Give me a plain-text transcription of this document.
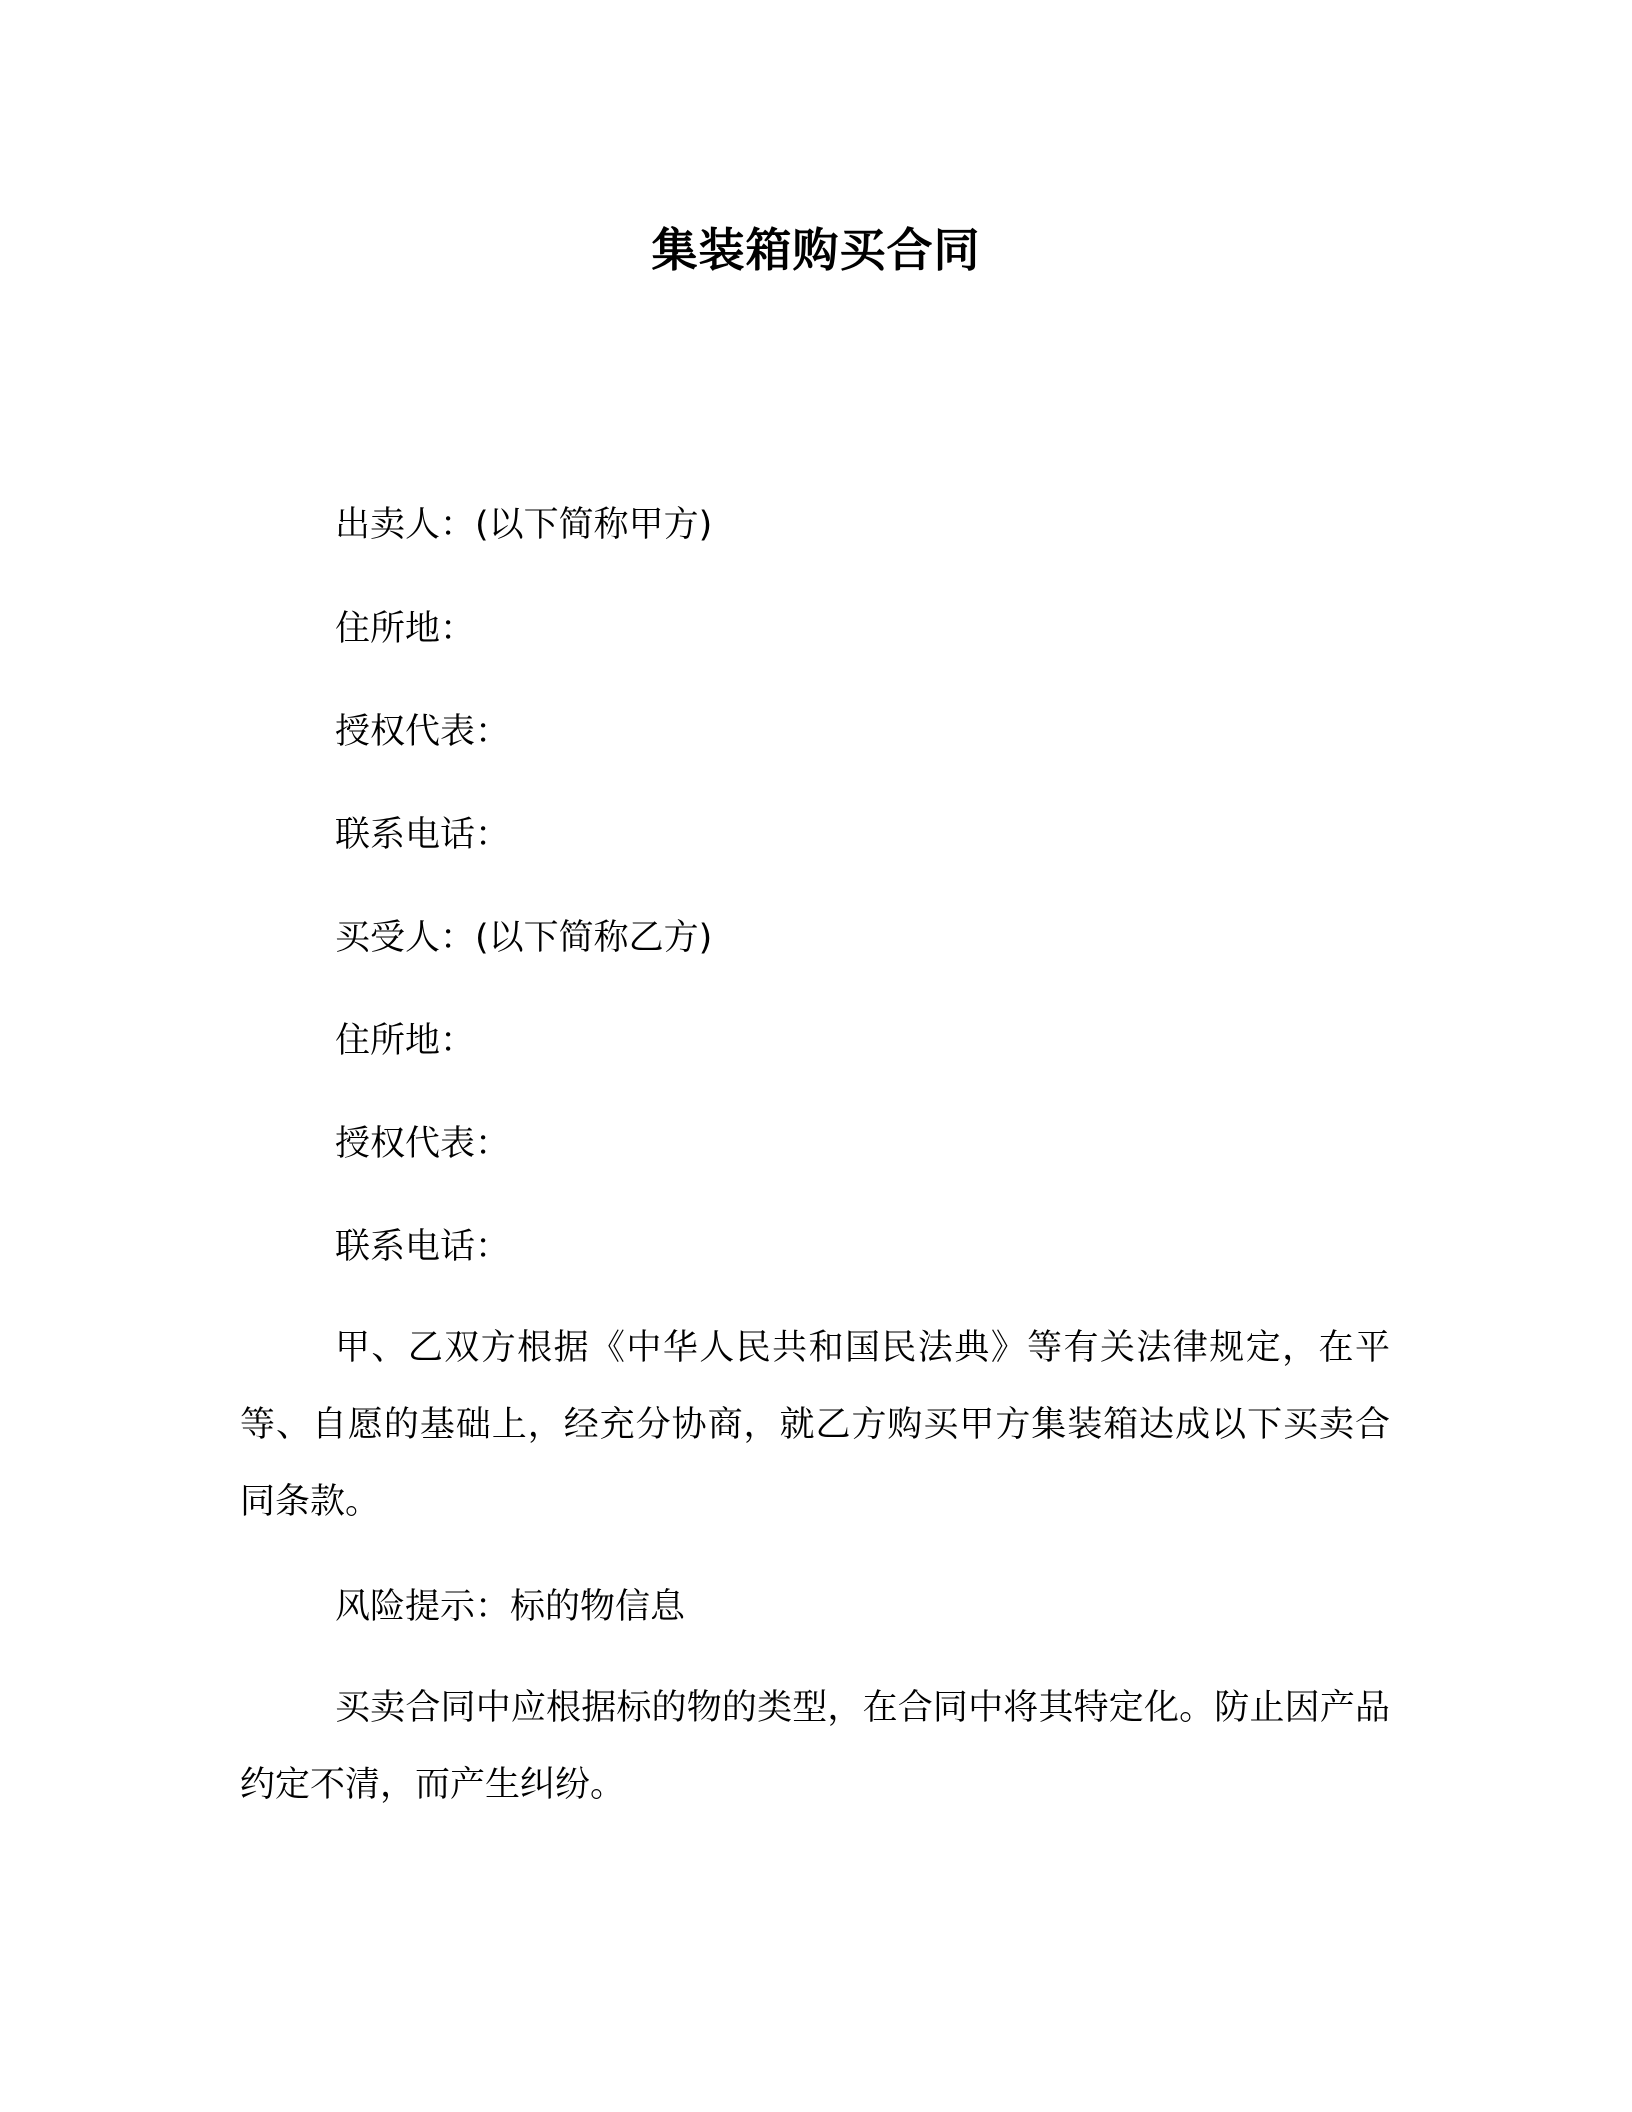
集装箱购买合同
出卖人：(以下简称甲方)
住所地：
授权代表：
联系电话：
买受人：(以下简称乙方)
住所地：
授权代表：
联系电话：
甲、乙双方根据《中华人民共和国民法典》等有关法律规定，在平等、自愿的基础上，经充分协商，就乙方购买甲方集装箱达成以下买卖合同条款。
风险提示：标的物信息
买卖合同中应根据标的物的类型，在合同中将其特定化。防止因产品约定不清，而产生纠纷。
